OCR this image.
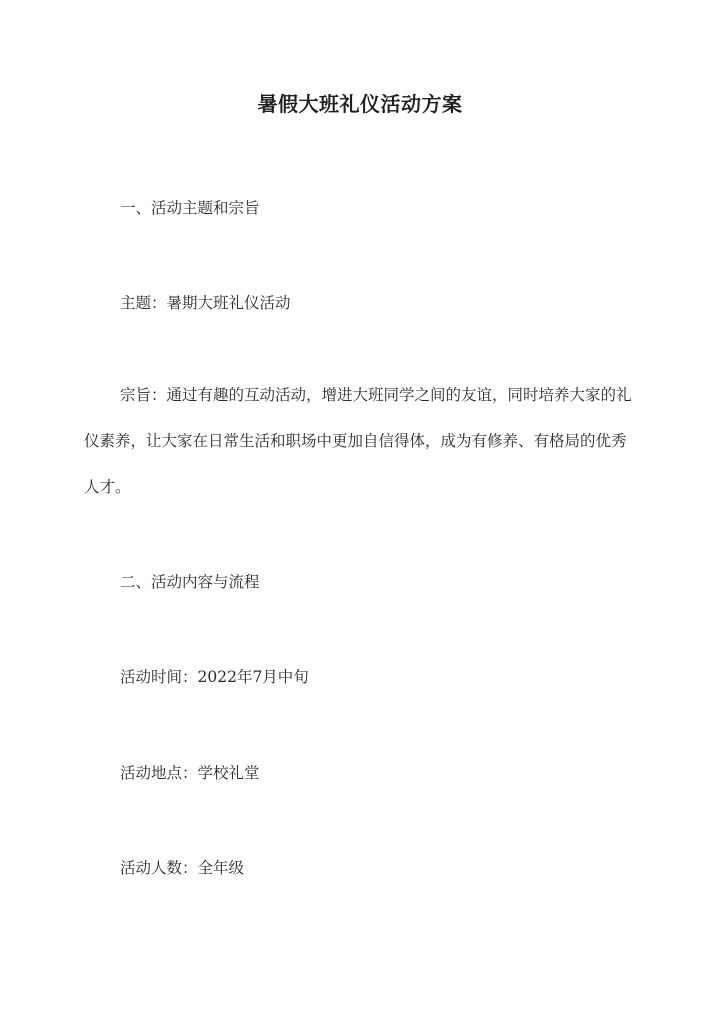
暑假大班礼仪活动方案
一、活动主题和宗旨
主题：暑期大班礼仪活动
宗旨：通过有趣的互动活动，增进大班同学之间的友谊，同时培养大家的礼仪素养，让大家在日常生活和职场中更加自信得体，成为有修养、有格局的优秀人才。
二、活动内容与流程
活动时间：2022年7月中旬
活动地点：学校礼堂
活动人数：全年级
